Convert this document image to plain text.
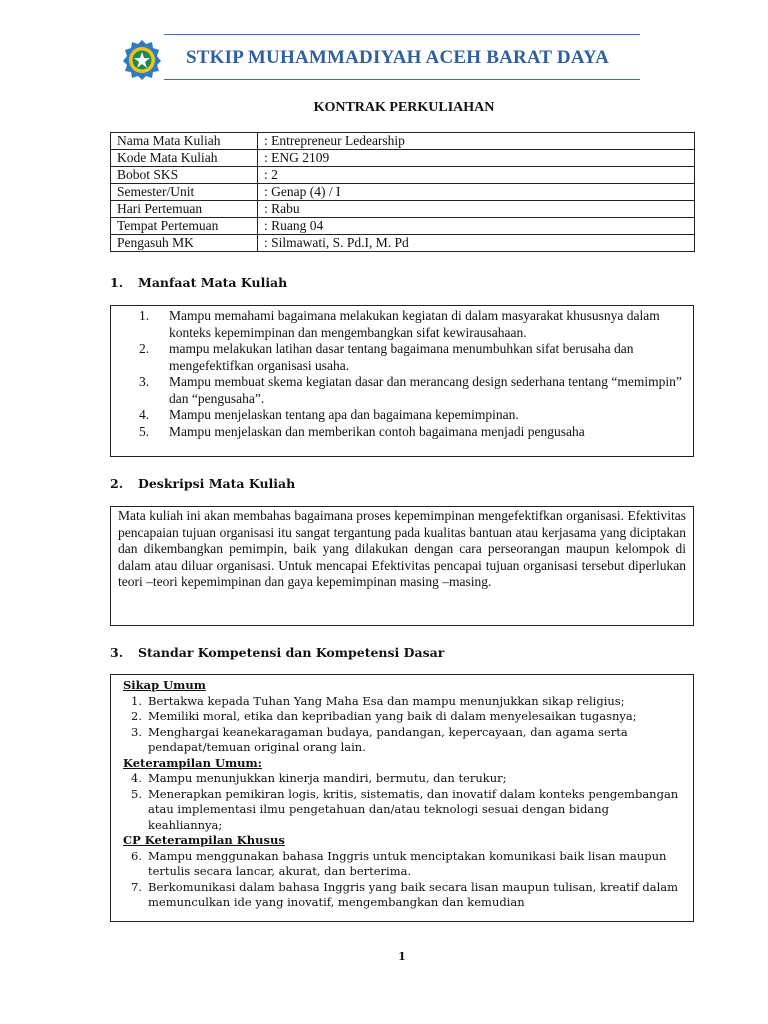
STKIP MUHAMMADIYAH ACEH BARAT DAYA
KONTRAK PERKULIAHAN
Nama Mata Kuliah	: Entrepreneur Ledearship
Kode Mata Kuliah	: ENG 2109
Bobot SKS	: 2
Semester/Unit	: Genap (4) / I
Hari Pertemuan	: Rabu
Tempat Pertemuan	: Ruang 04
Pengasuh MK	: Silmawati, S. Pd.I, M. Pd
1. Manfaat Mata Kuliah
1. Mampu memahami bagaimana melakukan kegiatan di dalam masyarakat khususnya dalam konteks kepemimpinan dan mengembangkan sifat kewirausahaan.
2. mampu melakukan latihan dasar tentang bagaimana menumbuhkan sifat berusaha dan mengefektifkan organisasi usaha.
3. Mampu membuat skema kegiatan dasar dan merancang design sederhana tentang “memimpin” dan “pengusaha”.
4. Mampu menjelaskan tentang apa dan bagaimana kepemimpinan.
5. Mampu menjelaskan dan memberikan contoh bagaimana menjadi pengusaha
2. Deskripsi Mata Kuliah
Mata kuliah ini akan membahas bagaimana proses kepemimpinan mengefektifkan organisasi. Efektivitas pencapaian tujuan organisasi itu sangat tergantung pada kualitas bantuan atau kerjasama yang diciptakan dan dikembangkan pemimpin, baik yang dilakukan dengan cara perseorangan maupun kelompok di dalam atau diluar organisasi. Untuk mencapai Efektivitas pencapai tujuan organisasi tersebut diperlukan teori –teori kepemimpinan dan gaya kepemimpinan masing –masing.
3. Standar Kompetensi dan Kompetensi Dasar
Sikap Umum
1. Bertakwa kepada Tuhan Yang Maha Esa dan mampu menunjukkan sikap religius;
2. Memiliki moral, etika dan kepribadian yang baik di dalam menyelesaikan tugasnya;
3. Menghargai keanekaragaman budaya, pandangan, kepercayaan, dan agama serta pendapat/temuan original orang lain.
Keterampilan Umum:
4. Mampu menunjukkan kinerja mandiri, bermutu, dan terukur;
5. Menerapkan pemikiran logis, kritis, sistematis, dan inovatif dalam konteks pengembangan atau implementasi ilmu pengetahuan dan/atau teknologi sesuai dengan bidang keahliannya;
CP Keterampilan Khusus
6. Mampu menggunakan bahasa Inggris untuk menciptakan komunikasi baik lisan maupun tertulis secara lancar, akurat, dan berterima.
7. Berkomunikasi dalam bahasa Inggris yang baik secara lisan maupun tulisan, kreatif dalam memunculkan ide yang inovatif, mengembangkan dan kemudian
1
